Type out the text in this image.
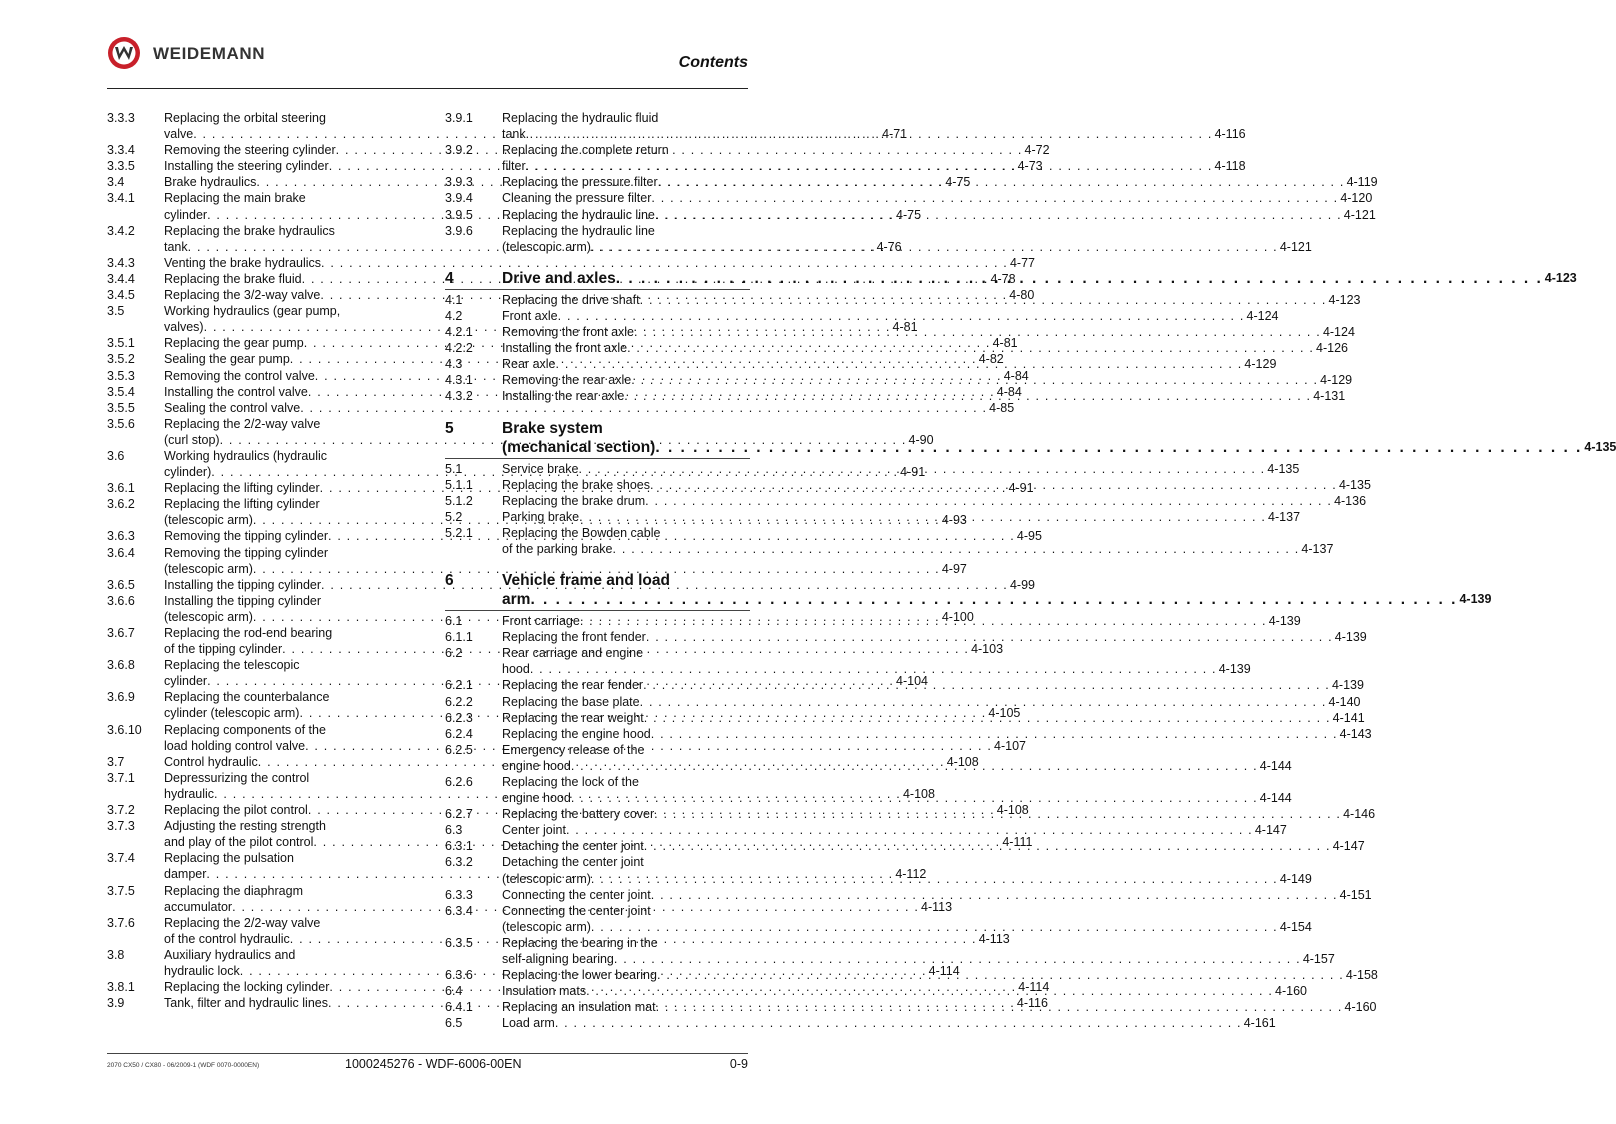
WEIDEMANN	Contents
3.3.3	Replacing the orbital steering
valve . . .	4-71
3.3.4	Removing the steering cylinder . . .	4-72
3.3.5	Installing the steering cylinder . . .	4-73
3.4	Brake hydraulics . . .	4-75
3.4.1	Replacing the main brake
cylinder . . .	4-75
3.4.2	Replacing the brake hydraulics
tank . . .	4-76
3.4.3	Venting the brake hydraulics . . .	4-77
3.4.4	Replacing the brake fluid . . .	4-78
3.4.5	Replacing the 3/2-way valve . . .	4-80
3.5	Working hydraulics (gear pump,
valves) . . .	4-81
3.5.1	Replacing the gear pump . . .	4-81
3.5.2	Sealing the gear pump . . .	4-82
3.5.3	Removing the control valve . . .	4-84
3.5.4	Installing the control valve . . .	4-84
3.5.5	Sealing the control valve . . .	4-85
3.5.6	Replacing the 2/2-way valve
(curl stop) . . .	4-90
3.6	Working hydraulics (hydraulic
cylinder) . . .	4-91
3.6.1	Replacing the lifting cylinder . . .	4-91
3.6.2	Replacing the lifting cylinder
(telescopic arm) . . .	4-93
3.6.3	Removing the tipping cylinder . . .	4-95
3.6.4	Removing the tipping cylinder
(telescopic arm) . . .	4-97
3.6.5	Installing the tipping cylinder . . .	4-99
3.6.6	Installing the tipping cylinder
(telescopic arm) . . .	4-100
3.6.7	Replacing the rod-end bearing
of the tipping cylinder . . .	4-103
3.6.8	Replacing the telescopic
cylinder . . .	4-104
3.6.9	Replacing the counterbalance
cylinder (telescopic arm) . . .	4-105
3.6.10	Replacing components of the
load holding control valve . . .	4-107
3.7	Control hydraulic . . .	4-108
3.7.1	Depressurizing the control
hydraulic . . .	4-108
3.7.2	Replacing the pilot control . . .	4-108
3.7.3	Adjusting the resting strength
and play of the pilot control . . .	4-111
3.7.4	Replacing the pulsation
damper . . .	4-112
3.7.5	Replacing the diaphragm
accumulator . . .	4-113
3.7.6	Replacing the 2/2-way valve
of the control hydraulic . . .	4-113
3.8	Auxiliary hydraulics and
hydraulic lock . . .	4-114
3.8.1	Replacing the locking cylinder . . .	4-114
3.9	Tank, filter and hydraulic lines . . .	4-116
3.9.1	Replacing the hydraulic fluid
tank . . .	4-116
3.9.2	Replacing the complete return
filter . . .	4-118
3.9.3	Replacing the pressure filter . . .	4-119
3.9.4	Cleaning the pressure filter . . .	4-120
3.9.5	Replacing the hydraulic line . . .	4-121
3.9.6	Replacing the hydraulic line
(telescopic arm) . . .	4-121
4	Drive and axles . . .	4-123
4.1	Replacing the drive shaft . . .	4-123
4.2	Front axle . . .	4-124
4.2.1	Removing the front axle . . .	4-124
4.2.2	Installing the front axle . . .	4-126
4.3	Rear axle . . .	4-129
4.3.1	Removing the rear axle . . .	4-129
4.3.2	Installing the rear axle . . .	4-131
5	Brake system
(mechanical section) . . .	4-135
5.1	Service brake . . .	4-135
5.1.1	Replacing the brake shoes . . .	4-135
5.1.2	Replacing the brake drum . . .	4-136
5.2	Parking brake . . .	4-137
5.2.1	Replacing the Bowden cable
of the parking brake . . .	4-137
6	Vehicle frame and load
arm . . .	4-139
6.1	Front carriage . . .	4-139
6.1.1	Replacing the front fender . . .	4-139
6.2	Rear carriage and engine
hood . . .	4-139
6.2.1	Replacing the rear fender . . .	4-139
6.2.2	Replacing the base plate . . .	4-140
6.2.3	Replacing the rear weight . . .	4-141
6.2.4	Replacing the engine hood . . .	4-143
6.2.5	Emergency release of the
engine hood . . .	4-144
6.2.6	Replacing the lock of the
engine hood . . .	4-144
6.2.7	Replacing the battery cover . . .	4-146
6.3	Center joint . . .	4-147
6.3.1	Detaching the center joint . . .	4-147
6.3.2	Detaching the center joint
(telescopic arm) . . .	4-149
6.3.3	Connecting the center joint . . .	4-151
6.3.4	Connecting the center joint
(telescopic arm) . . .	4-154
6.3.5	Replacing the bearing in the
self-aligning bearing . . .	4-157
6.3.6	Replacing the lower bearing . . .	4-158
6.4	Insulation mats . . .	4-160
6.4.1	Replacing an insulation mat . . .	4-160
6.5	Load arm . . .	4-161
2070 CX50 / CX80 - 06/2009-1 (WDF 0070-0000EN)	1000245276 - WDF-6006-00EN	0-9
